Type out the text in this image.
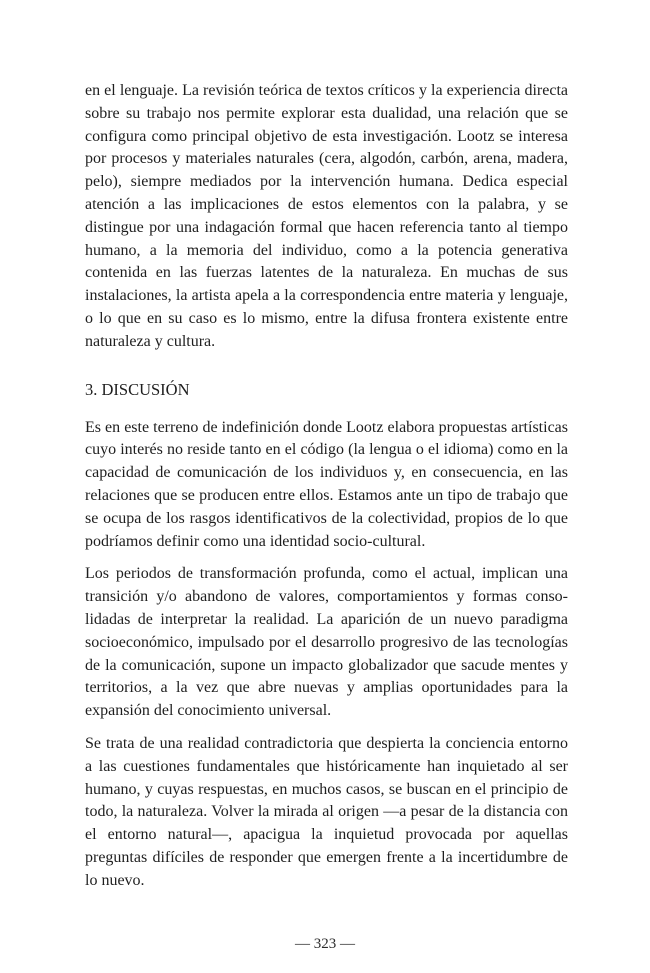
en el lenguaje. La revisión teórica de textos críticos y la experiencia directa sobre su trabajo nos permite explorar esta dualidad, una relación que se configura como principal objetivo de esta investigación. Lootz se interesa por procesos y materiales naturales (cera, algodón, carbón, arena, madera, pelo), siempre mediados por la intervención humana. Dedica especial atención a las implicaciones de estos elementos con la palabra, y se distingue por una indagación formal que hacen referencia tanto al tiempo humano, a la memoria del individuo, como a la potencia generativa contenida en las fuerzas latentes de la naturaleza. En muchas de sus instalaciones, la artista apela a la correspondencia entre materia y lenguaje, o lo que en su caso es lo mismo, entre la difusa frontera existente entre naturaleza y cultura.

3. DISCUSIÓN

Es en este terreno de indefinición donde Lootz elabora propuestas artísticas cuyo interés no reside tanto en el código (la lengua o el idioma) como en la capacidad de comunicación de los individuos y, en consecuencia, en las relaciones que se producen entre ellos. Estamos ante un tipo de trabajo que se ocupa de los rasgos identificativos de la colectividad, propios de lo que podríamos definir como una identidad socio-cultural.

Los periodos de transformación profunda, como el actual, implican una transición y/o abandono de valores, comportamientos y formas consolidadas de interpretar la realidad. La aparición de un nuevo paradigma socioeconómico, impulsado por el desarrollo progresivo de las tecnologías de la comunicación, supone un impacto globalizador que sacude mentes y territorios, a la vez que abre nuevas y amplias oportunidades para la expansión del conocimiento universal.

Se trata de una realidad contradictoria que despierta la conciencia entorno a las cuestiones fundamentales que históricamente han inquietado al ser humano, y cuyas respuestas, en muchos casos, se buscan en el principio de todo, la naturaleza. Volver la mirada al origen —a pesar de la distancia con el entorno natural—, apacigua la inquietud provocada por aquellas preguntas difíciles de responder que emergen frente a la incertidumbre de lo nuevo.

— 323 —
